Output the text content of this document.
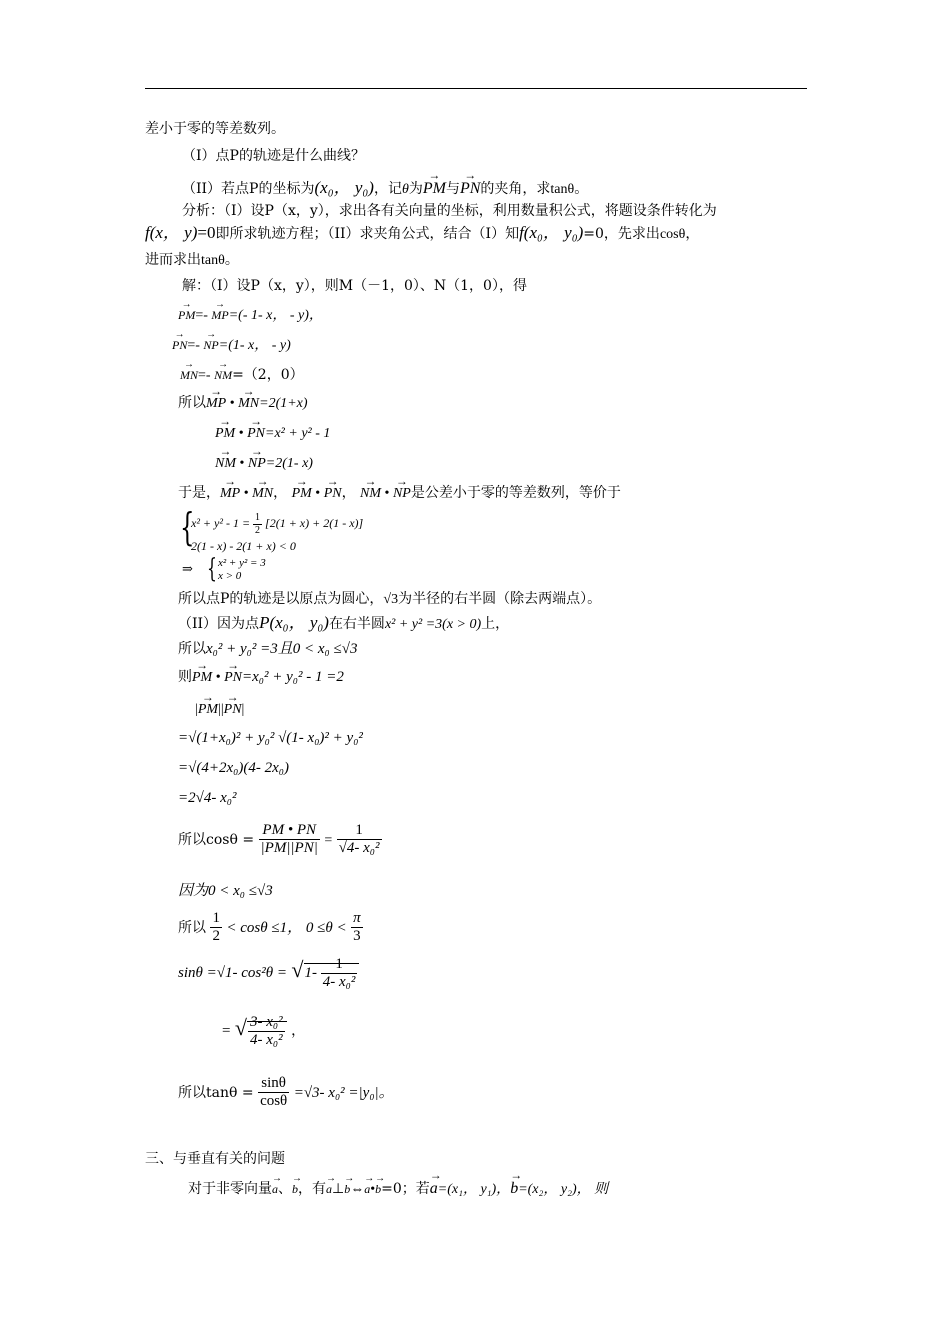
差小于零的等差数列。
（I）点P的轨迹是什么曲线？
（II）若点P的坐标为(x₀， y₀)，记θ为→ PM与→ PN的夹角，求tanθ。
分析：（I）设P（x，y），求出各有关向量的坐标，利用数量积公式，将题设条件转化为
f(x， y)=0即所求轨迹方程；（II）求夹角公式，结合（I）知f(x₀， y₀)=0，先求出cosθ，
进而求出tanθ。
解：（I）设P（x，y），则M（－1，0）、N（1，0），得
→ PM=- → MP=(- 1- x， - y)，
→ PN=- → NP=(1- x， - y)
→ MN=- → NM=（2，0）
所以→ MP • → MN=2(1+x)
→ PM • → PN=x² + y² - 1
→ NM • → NP=2(1- x)
于是，→ MP • → MN， → PM • → PN， → NM • → NP是公差小于零的等差数列，等价于
{
$x^2 + y^2 - 1 = \frac{1}{2} [2(1 + x) + 2(1 - x)]$
2(1 - x) - 2(1 + x) < 0
⇒ { x² + y² = 3
x > 0
所以点P的轨迹是以原点为圆心，√3为半径的右半圆（除去两端点）。
（II）因为点P(x₀， y₀)在右半圆x² + y² =3(x > 0)上，
所以x₀² + y₀² =3且0 < x₀ ≤√3
则→ PM • → PN=x₀² + y₀² - 1 =2
|→ PM||→ PN|
=√(1+x₀)² + y₀² √(1- x₀)² + y₀²
=√(4+2x₀)(4- 2x₀)
=2√4- x₀²
所以$\cos\theta = \frac{PM • PN}{|PM||PN|} = \frac{1}{\text{√4- x₀²}}$
因为0 < x₀ ≤√3
所以 $\frac{1}{2} < \cos\theta \le 1$， $0 \le\theta < \frac{\pi}{3}$
sinθ =√1- $\cos^2\theta = √1- \frac{1}{\text{4- x₀²}}$
= √ $\frac{\text{3- x₀²}}{\text{4- x₀²}}$ ，
所以$\tan\theta = \frac{\sin\theta}{\cos\theta} =√3-$ x₀² =|y₀|。
三、与垂直有关的问题
对于非零向量→ a、→ b，有→ a⊥→ b⇔→ a•→ b=0；若→ a=(x₁， y₁)，→ b=(x₂， y₂)， 则
